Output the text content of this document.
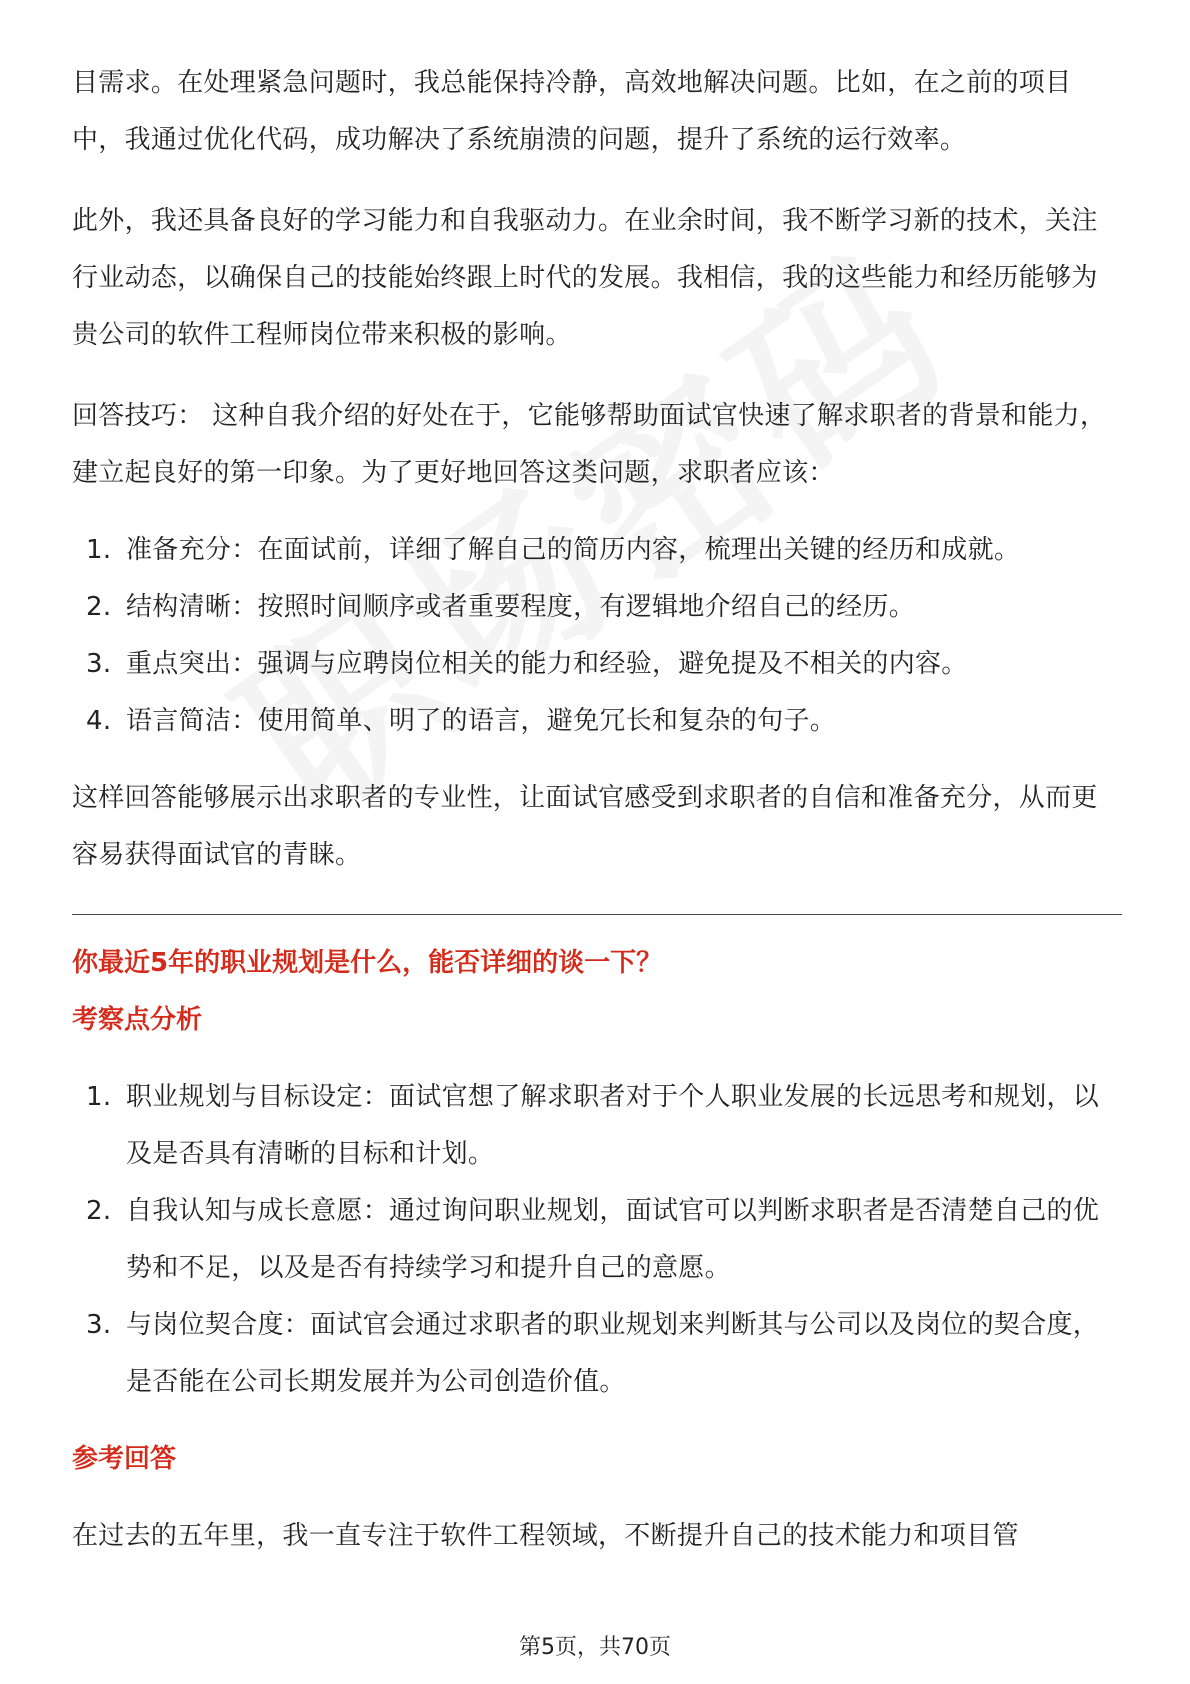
目需求。在处理紧急问题时，我总能保持冷静，高效地解决问题。比如，在之前的项目中，我通过优化代码，成功解决了系统崩溃的问题，提升了系统的运行效率。

此外，我还具备良好的学习能力和自我驱动力。在业余时间，我不断学习新的技术，关注行业动态，以确保自己的技能始终跟上时代的发展。我相信，我的这些能力和经历能够为贵公司的软件工程师岗位带来积极的影响。

回答技巧： 这种自我介绍的好处在于，它能够帮助面试官快速了解求职者的背景和能力，建立起良好的第一印象。为了更好地回答这类问题，求职者应该：

1. 准备充分：在面试前，详细了解自己的简历内容，梳理出关键的经历和成就。
2. 结构清晰：按照时间顺序或者重要程度，有逻辑地介绍自己的经历。
3. 重点突出：强调与应聘岗位相关的能力和经验，避免提及不相关的内容。
4. 语言简洁：使用简单、明了的语言，避免冗长和复杂的句子。

这样回答能够展示出求职者的专业性，让面试官感受到求职者的自信和准备充分，从而更容易获得面试官的青睐。

你最近5年的职业规划是什么，能否详细的谈一下？

考察点分析

1. 职业规划与目标设定：面试官想了解求职者对于个人职业发展的长远思考和规划，以及是否具有清晰的目标和计划。
2. 自我认知与成长意愿：通过询问职业规划，面试官可以判断求职者是否清楚自己的优势和不足，以及是否有持续学习和提升自己的意愿。
3. 与岗位契合度：面试官会通过求职者的职业规划来判断其与公司以及岗位的契合度，是否能在公司长期发展并为公司创造价值。

参考回答

在过去的五年里，我一直专注于软件工程领域，不断提升自己的技术能力和项目管

第5页，共70页
